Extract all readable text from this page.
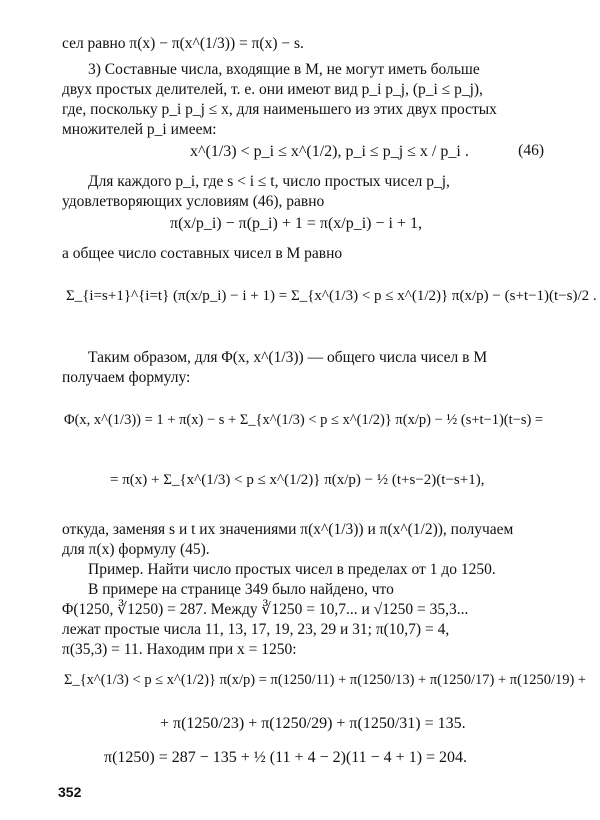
сел равно π(x) − π(x^(1/3)) = π(x) − s.
3) Составные числа, входящие в M, не могут иметь больше
двух простых делителей, т. е. они имеют вид p_i p_j, (p_i ≤ p_j),
где, поскольку p_i p_j ≤ x, для наименьшего из этих двух простых
множителей p_i имеем:
x^(1/3) < p_i ≤ x^(1/2), p_i ≤ p_j ≤ x / p_i .	(46)
Для каждого p_i, где s < i ≤ t, число простых чисел p_j,
удовлетворяющих условиям (46), равно
π(x/p_i) − π(p_i) + 1 = π(x/p_i) − i + 1,
а общее число составных чисел в M равно
Σ_{i=s+1}^{i=t} (π(x/p_i) − i + 1) = Σ_{x^(1/3) < p ≤ x^(1/2)} π(x/p) − (s+t−1)(t−s)/2 .
Таким образом, для Φ(x, x^(1/3)) — общего числа чисел в M
получаем формулу:
Φ(x, x^(1/3)) = 1 + π(x) − s + Σ_{x^(1/3) < p ≤ x^(1/2)} π(x/p) − ½ (s+t−1)(t−s) =
= π(x) + Σ_{x^(1/3) < p ≤ x^(1/2)} π(x/p) − ½ (t+s−2)(t−s+1),
откуда, заменяя s и t их значениями π(x^(1/3)) и π(x^(1/2)), получаем
для π(x) формулу (45).
Пример. Найти число простых чисел в пределах от 1 до 1250.
В примере на странице 349 было найдено, что
Φ(1250, ∛1250) = 287. Между ∛1250 = 10,7... и √1250 = 35,3...
лежат простые числа 11, 13, 17, 19, 23, 29 и 31; π(10,7) = 4,
π(35,3) = 11. Находим при x = 1250:
Σ_{x^(1/3) < p ≤ x^(1/2)} π(x/p) = π(1250/11) + π(1250/13) + π(1250/17) + π(1250/19) +
+ π(1250/23) + π(1250/29) + π(1250/31) = 135.
π(1250) = 287 − 135 + ½ (11 + 4 − 2)(11 − 4 + 1) = 204.
352
